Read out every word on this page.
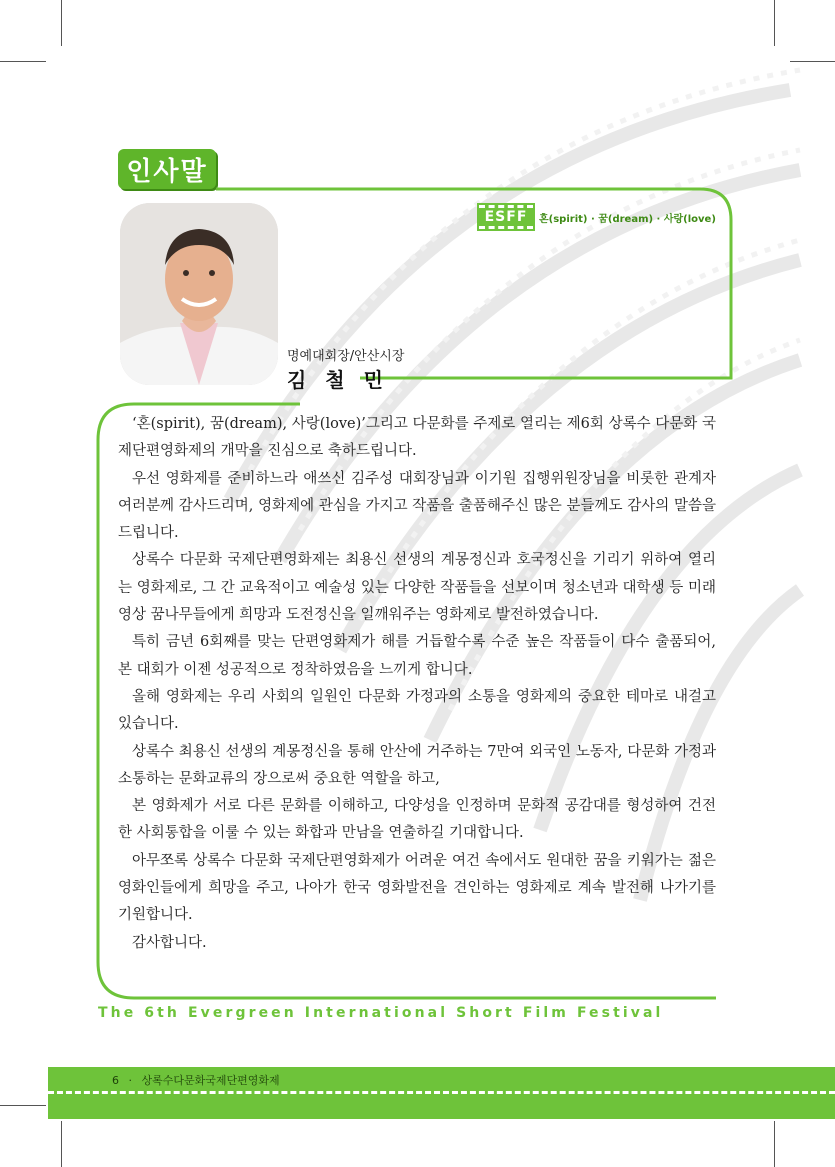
인사말
ESFF	혼(spirit) · 꿈(dream) · 사랑(love)
명예대회장/안산시장
김 철 민

‘혼(spirit), 꿈(dream), 사랑(love)’그리고 다문화를 주제로 열리는 제6회 상록수 다문화 국제단편영화제의 개막을 진심으로 축하드립니다.

우선 영화제를 준비하느라 애쓰신 김주성 대회장님과 이기원 집행위원장님을 비롯한 관계자 여러분께 감사드리며, 영화제에 관심을 가지고 작품을 출품해주신 많은 분들께도 감사의 말씀을 드립니다.

상록수 다문화 국제단편영화제는 최용신 선생의 계몽정신과 호국정신을 기리기 위하여 열리는 영화제로, 그 간 교육적이고 예술성 있는 다양한 작품들을 선보이며 청소년과 대학생 등 미래 영상 꿈나무들에게 희망과 도전정신을 일깨워주는 영화제로 발전하였습니다.

특히 금년 6회째를 맞는 단편영화제가 해를 거듭할수록 수준 높은 작품들이 다수 출품되어, 본 대회가 이젠 성공적으로 정착하였음을 느끼게 합니다.

올해 영화제는 우리 사회의 일원인 다문화 가정과의 소통을 영화제의 중요한 테마로 내걸고 있습니다.

상록수 최용신 선생의 계몽정신을 통해 안산에 거주하는 7만여 외국인 노동자, 다문화 가정과 소통하는 문화교류의 장으로써 중요한 역할을 하고,

본 영화제가 서로 다른 문화를 이해하고, 다양성을 인정하며 문화적 공감대를 형성하여 건전한 사회통합을 이룰 수 있는 화합과 만남을 연출하길 기대합니다.

아무쪼록 상록수 다문화 국제단편영화제가 어려운 여건 속에서도 원대한 꿈을 키워가는 젊은 영화인들에게 희망을 주고, 나아가 한국 영화발전을 견인하는 영화제로 계속 발전해 나가기를 기원합니다.

감사합니다.

The 6th Evergreen International Short Film Festival
6 · 상록수다문화국제단편영화제
